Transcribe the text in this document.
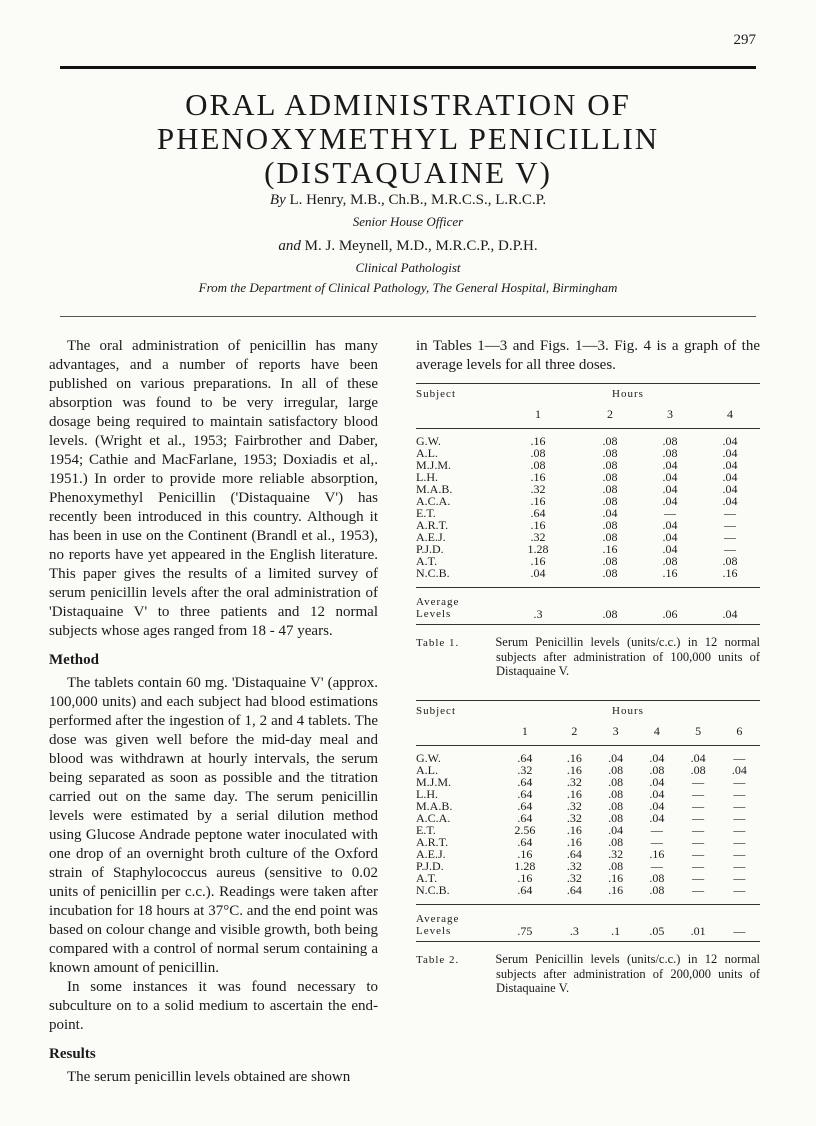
297
ORAL ADMINISTRATION OF
PHENOXYMETHYL PENICILLIN
(DISTAQUAINE V)
By L. Henry, M.B., Ch.B., M.R.C.S., L.R.C.P.
Senior House Officer
and M. J. Meynell, M.D., M.R.C.P., D.P.H.
Clinical Pathologist
From the Department of Clinical Pathology, The General Hospital, Birmingham

The oral administration of penicillin has many advantages, and a number of reports have been published on various preparations. In all of these absorption was found to be very irregular, large dosage being required to maintain satisfactory blood levels. (Wright et al., 1953; Fairbrother and Daber, 1954; Cathie and MacFarlane, 1953; Doxiadis et al,. 1951.) In order to provide more reliable absorption, Phenoxymethyl Penicillin ('Distaquaine V') has recently been introduced in this country. Although it has been in use on the Continent (Brandl et al., 1953), no reports have yet appeared in the English literature. This paper gives the results of a limited survey of serum penicillin levels after the oral administration of 'Distaquaine V' to three patients and 12 normal subjects whose ages ranged from 18 - 47 years.

Method

The tablets contain 60 mg. 'Distaquaine V' (approx. 100,000 units) and each subject had blood estimations performed after the ingestion of 1, 2 and 4 tablets. The dose was given well before the mid-day meal and blood was withdrawn at hourly intervals, the serum being separated as soon as possible and the titration carried out on the same day. The serum penicillin levels were estimated by a serial dilution method using Glucose Andrade peptone water inoculated with one drop of an overnight broth culture of the Oxford strain of Staphylococcus aureus (sensitive to 0.02 units of penicillin per c.c.). Readings were taken after incubation for 18 hours at 37°C. and the end point was based on colour change and visible growth, both being compared with a control of normal serum containing a known amount of penicillin.

In some instances it was found necessary to subculture on to a solid medium to ascertain the end-point.

Results

The serum penicillin levels obtained are shown

in Tables 1—3 and Figs. 1—3. Fig. 4 is a graph of the average levels for all three doses.

Subject	Hours			
	1	2	3	4
G.W.	.16	.08	.08	.04
A.L.	.08	.08	.08	.04
M.J.M.	.08	.08	.04	.04
L.H.	.16	.08	.04	.04
M.A.B.	.32	.08	.04	.04
A.C.A.	.16	.08	.04	.04
E.T.	.64	.04	—	—
A.R.T.	.16	.08	.04	—
A.E.J.	.32	.08	.04	—
P.J.D.	1.28	.16	.04	—
A.T.	.16	.08	.08	.08
N.C.B.	.04	.08	.16	.16

Average				
Levels	.3	.08	.06	.04
Table 1.	Serum Penicillin levels (units/c.c.) in 12 normal subjects after administration of 100,000 units of Distaquaine V.
Subject	Hours					
	1	2	3	4	5	6
G.W.	.64	.16	.04	.04	.04	—
A.L.	.32	.16	.08	.08	.08	.04
M.J.M.	.64	.32	.08	.04	—	—
L.H.	.64	.16	.08	.04	—	—
M.A.B.	.64	.32	.08	.04	—	—
A.C.A.	.64	.32	.08	.04	—	—
E.T.	2.56	.16	.04	—	—	—
A.R.T.	.64	.16	.08	—	—	—
A.E.J.	.16	.64	.32	.16	—	—
P.J.D.	1.28	.32	.08	—	—	—
A.T.	.16	.32	.16	.08	—	—
N.C.B.	.64	.64	.16	.08	—	—

Average						
Levels	.75	.3	.1	.05	.01	—
Table 2.	Serum Penicillin levels (units/c.c.) in 12 normal subjects after administration of 200,000 units of Distaquaine V.
